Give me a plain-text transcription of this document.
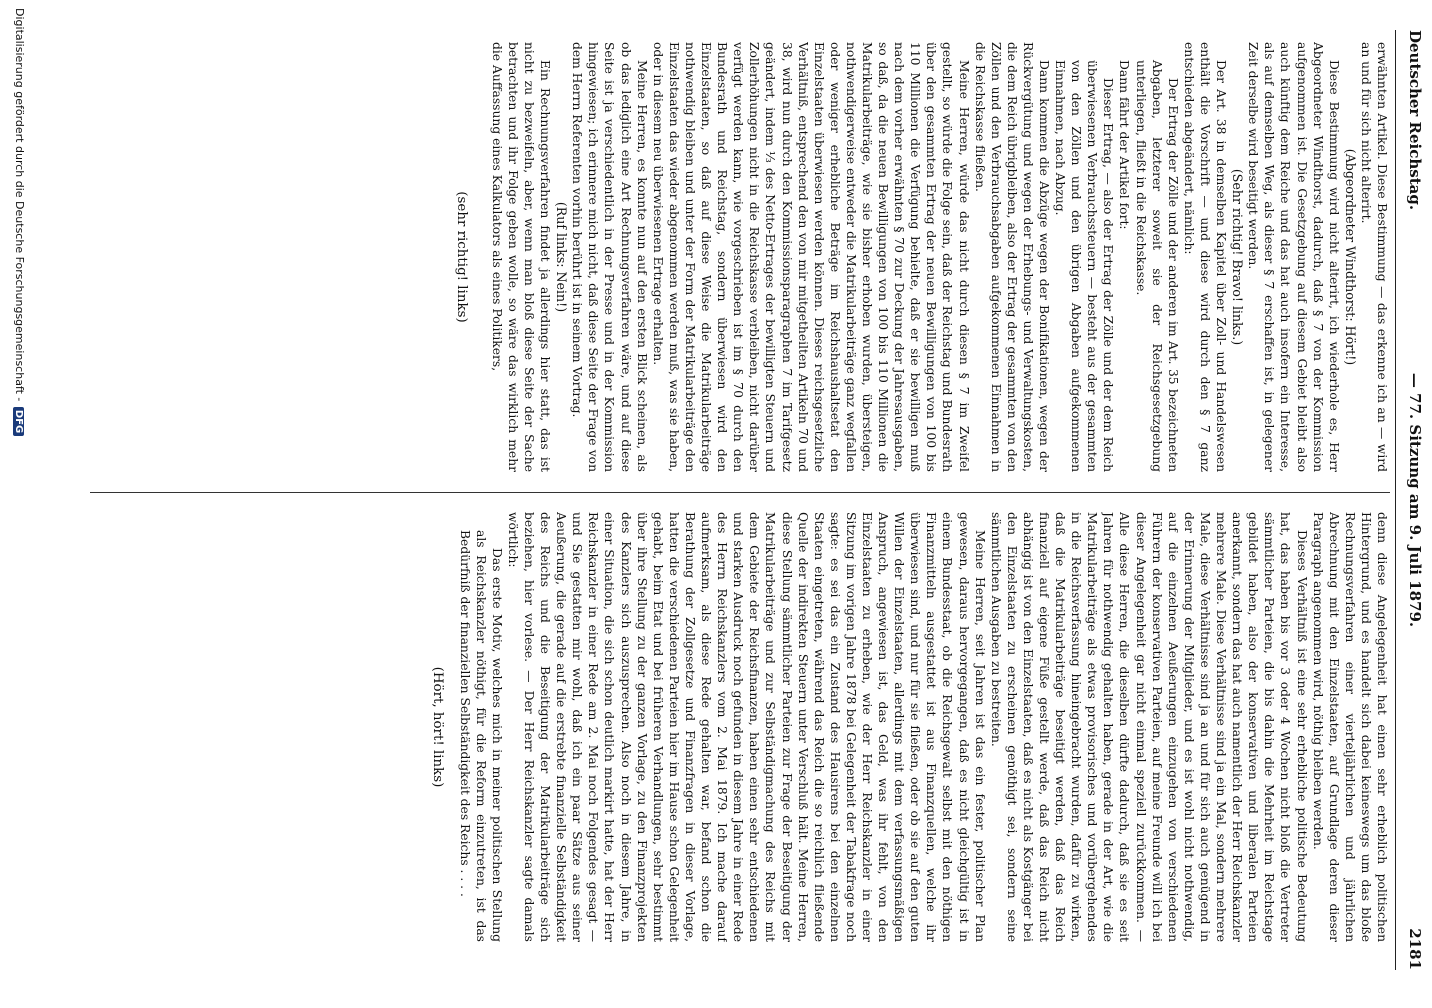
Deutscher Reichstag.
— 77. Sitzung am 9. Juli 1879.
2181

erwähnten Artikel. Diese Bestimmung — das erkenne ich an — wird an und für sich nicht alterirt.

(Abgeordneter Windthorst: Hört!)

Diese Bestimmung wird nicht alterirt, ich wiederhole es, Herr Abgeordneter Windthorst, dadurch, daß § 7 von der Kommission aufgenommen ist. Die Gesetzgebung auf diesem Gebiet bleibt also auch künftig dem Reiche und das hat auch insofern ein Interesse, als auf demselben Weg, als dieser § 7 erschaffen ist, in gelegener Zeit derselbe wird beseitigt werden.

(Sehr richtig! Bravo! links.)

Der Art. 38 in demselben Kapitel über Zoll- und Handelswesen enthält die Vorschrift — und diese wird durch den § 7 ganz entschieden abgeändert, nämlich:

Der Ertrag der Zölle und der anderen im Art. 35 bezeichneten Abgaben, letzterer soweit sie der Reichsgesetzgebung unterliegen, fließt in die Reichskasse.

Dann fährt der Artikel fort:

Dieser Ertrag, — also der Ertrag der Zölle und der dem Reich überwiesenen Verbrauchssteuern — besteht aus der gesammten von den Zöllen und den übrigen Abgaben aufgekommenen Einnahmen, nach Abzug.

Dann kommen die Abzüge wegen der Bonifikationen, wegen der Rückvergütung und wegen der Erhebungs- und Verwaltungskosten, die dem Reich übrigbleiben, also der Ertrag der gesammten von den Zöllen und den Verbrauchsabgaben aufgekommenen Einnahmen in die Reichskasse fließen.

Meine Herren, würde das nicht durch diesen § 7 im Zweifel gestellt, so würde die Folge sein, daß der Reichstag und Bundesrath über den gesammten Ertrag der neuen Bewilligungen von 100 bis 110 Millionen die Verfügung behielte, daß er sie bewilligen muß nach dem vorher erwähnten § 70 zur Deckung der Jahresausgaben, so daß, da die neuen Bewilligungen von 100 bis 110 Millionen die Matrikularbeiträge, wie sie bisher erhoben wurden, übersteigen, nothwendigerweise entweder die Matrikularbeiträge ganz wegfallen oder weniger erhebliche Beträge im Reichshaushaltsetat den Einzelstaaten überwiesen werden können. Dieses reichsgesetzliche Verhältniß, entsprechend den von mir mitgetheilten Artikeln 70 und 38, wird nun durch den Kommissionsparagraphen 7 im Tarifgesetz geändert, indem ⅓ des Netto-Ertrages der bewilligten Steuern und Zollerhöhungen nicht in die Reichskasse verbleiben, nicht darüber verfügt werden kann, wie vorgeschrieben ist im § 70 durch den Bundesrath und Reichstag, sondern überwiesen wird den Einzelstaaten, so daß auf diese Weise die Matrikularbeiträge nothwendig bleiben und unter der Form der Matrikularbeiträge den Einzelstaaten das wieder abgenommen werden muß, was sie haben, oder in diesem neu überwiesenen Ertrage erhalten.

Meine Herren, es konnte nun auf den ersten Blick scheinen, als ob das lediglich eine Art Rechnungsverfahren wäre, und auf diese Seite ist ja verschiedentlich in der Presse und in der Kommission hingewiesen; ich erinnere mich nicht, daß diese Seite der Frage von dem Herrn Referenten vorhin berührt ist in seinem Vortrag.

(Ruf links: Nein!)

Ein Rechnungsverfahren findet ja allerdings hier statt, das ist nicht zu bezweifeln, aber, wenn man bloß diese Seite der Sache betrachten und ihr Folge geben wolle, so wäre das wirklich mehr die Auffassung eines Kalkulators als eines Politikers,

(sehr richtig! links)

denn diese Angelegenheit hat einen sehr erheblich politischen Hintergrund, und es handelt sich dabei keineswegs um das bloße Rechnungsverfahren einer vierteljährlichen und jährlichen Abrechnung mit den Einzelstaaten, auf Grundlage deren dieser Paragraph angenommen wird, nöthig bleiben werden.

Dieses Verhältniß ist eine sehr erhebliche politische Bedeutung hat, das haben bis vor 3 oder 4 Wochen nicht bloß die Vertreter sämmtlicher Parteien, die bis dahin die Mehrheit im Reichstage gebildet haben, also der konservativen und liberalen Parteien anerkannt, sondern das hat auch namentlich der Herr Reichskanzler mehrere Male. Diese Verhältnisse sind ja ein Mal, sondern mehrere Male, diese Verhältnisse sind ja an und für sich auch genügend in der Erinnerung der Mitglieder, und es ist wohl nicht nothwendig, auf die einzelnen Aeußerungen einzugehen von verschiedenen Führern der konservativen Parteien, auf meine Freunde will ich bei dieser Angelegenheit gar nicht einmal speziell zurückkommen. — Alle diese Herren, die dieselben dürfte dadurch, daß sie es seit Jahren für nothwendig gehalten haben, gerade in der Art, wie die Matrikularbeiträge als etwas provisorisches und vorübergehendes in die Reichsverfassung hineingebracht wurden, dafür zu wirken, daß die Matrikularbeiträge beseitigt werden, daß das Reich finanziell auf eigene Füße gestellt werde, daß das Reich nicht abhängig ist von den Einzelstaaten, daß es nicht als Kostgänger bei den Einzelstaaten zu erscheinen genöthigt sei, sondern seine sämmtlichen Ausgaben zu bestreiten.

Meine Herren, seit Jahren ist das ein fester, politischer Plan gewesen, daraus hervorgegangen, daß es nicht gleichgültig ist in einem Bundesstaat, ob die Reichsgewalt selbst mit den nöthigen Finanzmitteln ausgestattet ist aus Finanzquellen, welche ihr überwiesen sind, und nur für sie fließen, oder ob sie auf den guten Willen der Einzelstaaten, allerdings mit dem verfassungsmäßigen Anspruch, angewiesen ist, das Geld, was ihr fehlt, von den Einzelstaaten zu erheben, wie der Herr Reichskanzler in einer Sitzung im vorigen Jahre 1878 bei Gelegenheit der Tabakfrage noch sagte: es sei das ein Zustand des Hausirens bei den einzelnen Staaten eingetreten, während das Reich die so reichlich fließende Quelle der indirekten Steuern unter Verschluß hält. Meine Herren, diese Stellung sämmtlicher Parteien zur Frage der Beseitigung der Matrikularbeiträge und zur Selbständigmachung des Reichs mit dem Gebiete der Reichsfinanzen, haben einen sehr entschiedenen und starken Ausdruck noch gefunden in diesem Jahre in einer Rede des Herrn Reichskanzlers vom 2. Mai 1879. Ich mache darauf aufmerksam, als diese Rede gehalten war, befand schon die Berathung der Zollgesetze und Finanzfragen in dieser Vorlage, hatten die verschiedenen Parteien hier im Hause schon Gelegenheit gehabt, beim Etat und bei früheren Verhandlungen, sehr bestimmt über ihre Stellung zu der ganzen Vorlage, zu den Finanzprojekten des Kanzlers sich auszusprechen. Also noch in diesem Jahre, in einer Situation, die sich schon deutlich markirt hatte, hat der Herr Reichskanzler in einer Rede am 2. Mai noch Folgendes gesagt — und Sie gestatten mir wohl, daß ich ein paar Sätze aus seiner Aeußerung, die gerade auf die erstrebte finanzielle Selbständigkeit des Reichs und die Beseitigung der Matrikularbeiträge sich beziehen, hier vorlese. — Der Herr Reichskanzler sagte damals wörtlich:

Das erste Motiv, welches mich in meiner politischen Stellung als Reichskanzler nöthigt, für die Reform einzutreten, ist das Bedürfniß der finanziellen Selbständigkeit des Reichs . . . .

(Hört, hört! links)

Digitalisierung gefördert durch die Deutsche Forschungsgemeinschaft - DFG
